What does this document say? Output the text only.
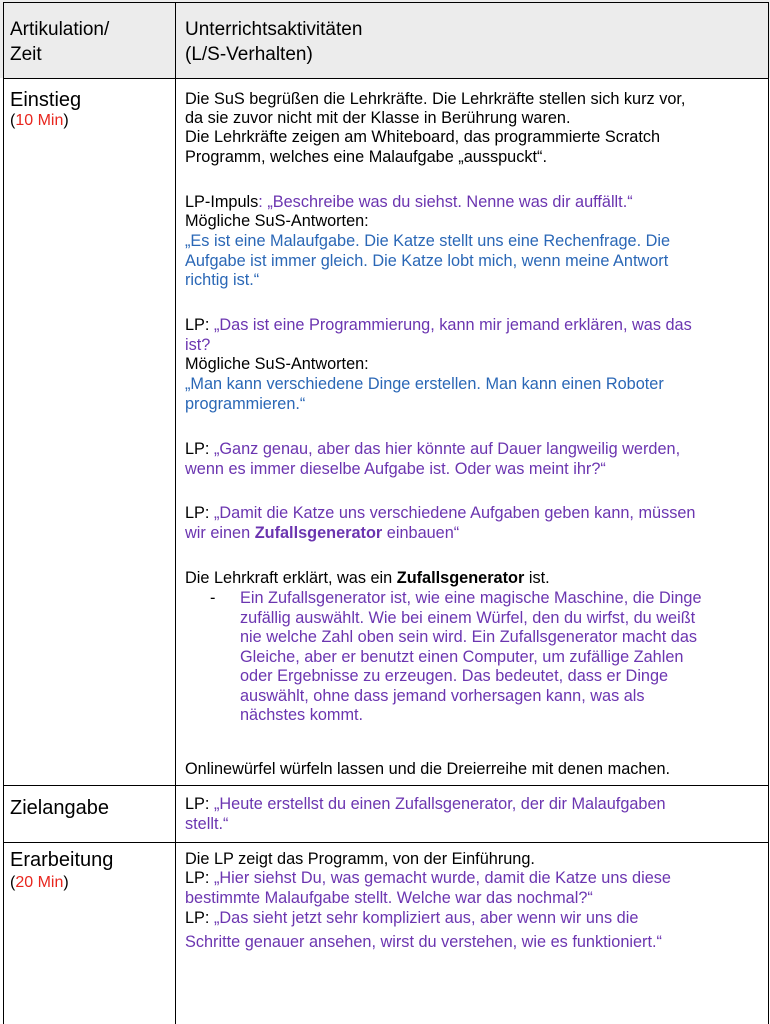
Artikulation/
Zeit
Unterrichtsaktivitäten
(L/S-Verhalten)
Einstieg
(10 Min)
Die SuS begrüßen die Lehrkräfte. Die Lehrkräfte stellen sich kurz vor,
da sie zuvor nicht mit der Klasse in Berührung waren.
Die Lehrkräfte zeigen am Whiteboard, das programmierte Scratch
Programm, welches eine Malaufgabe „ausspuckt“.
LP-Impuls: „Beschreibe was du siehst. Nenne was dir auffällt.“
Mögliche SuS-Antworten:
„Es ist eine Malaufgabe. Die Katze stellt uns eine Rechenfrage. Die
Aufgabe ist immer gleich. Die Katze lobt mich, wenn meine Antwort
richtig ist.“
LP: „Das ist eine Programmierung, kann mir jemand erklären, was das
ist?
Mögliche SuS-Antworten:
„Man kann verschiedene Dinge erstellen. Man kann einen Roboter
programmieren.“
LP: „Ganz genau, aber das hier könnte auf Dauer langweilig werden,
wenn es immer dieselbe Aufgabe ist. Oder was meint ihr?“
LP: „Damit die Katze uns verschiedene Aufgaben geben kann, müssen
wir einen Zufallsgenerator einbauen“
Die Lehrkraft erklärt, was ein Zufallsgenerator ist.
- Ein Zufallsgenerator ist, wie eine magische Maschine, die Dinge
zufällig auswählt. Wie bei einem Würfel, den du wirfst, du weißt
nie welche Zahl oben sein wird. Ein Zufallsgenerator macht das
Gleiche, aber er benutzt einen Computer, um zufällige Zahlen
oder Ergebnisse zu erzeugen. Das bedeutet, dass er Dinge
auswählt, ohne dass jemand vorhersagen kann, was als
nächstes kommt.
Onlinewürfel würfeln lassen und die Dreierreihe mit denen machen.
Zielangabe	LP: „Heute erstellst du einen Zufallsgenerator, der dir Malaufgaben
stellt.“
Erarbeitung
(20 Min)
Die LP zeigt das Programm, von der Einführung.
LP: „Hier siehst Du, was gemacht wurde, damit die Katze uns diese
bestimmte Malaufgabe stellt. Welche war das nochmal?“
LP: „Das sieht jetzt sehr kompliziert aus, aber wenn wir uns die
Schritte genauer ansehen, wirst du verstehen, wie es funktioniert.“
